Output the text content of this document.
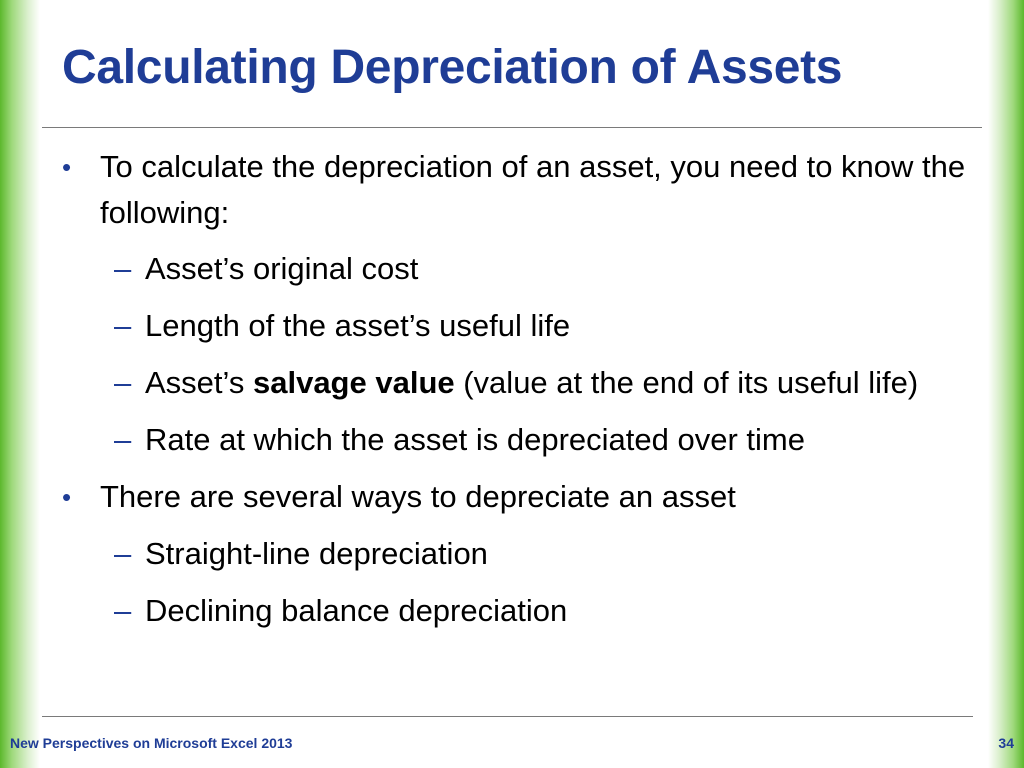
Calculating Depreciation of Assets

• To calculate the depreciation of an asset, you need to know the following:

– Asset’s original cost

– Length of the asset’s useful life

– Asset’s salvage value (value at the end of its useful life)

– Rate at which the asset is depreciated over time

• There are several ways to depreciate an asset

– Straight-line depreciation

– Declining balance depreciation

New Perspectives on Microsoft Excel 2013	34
